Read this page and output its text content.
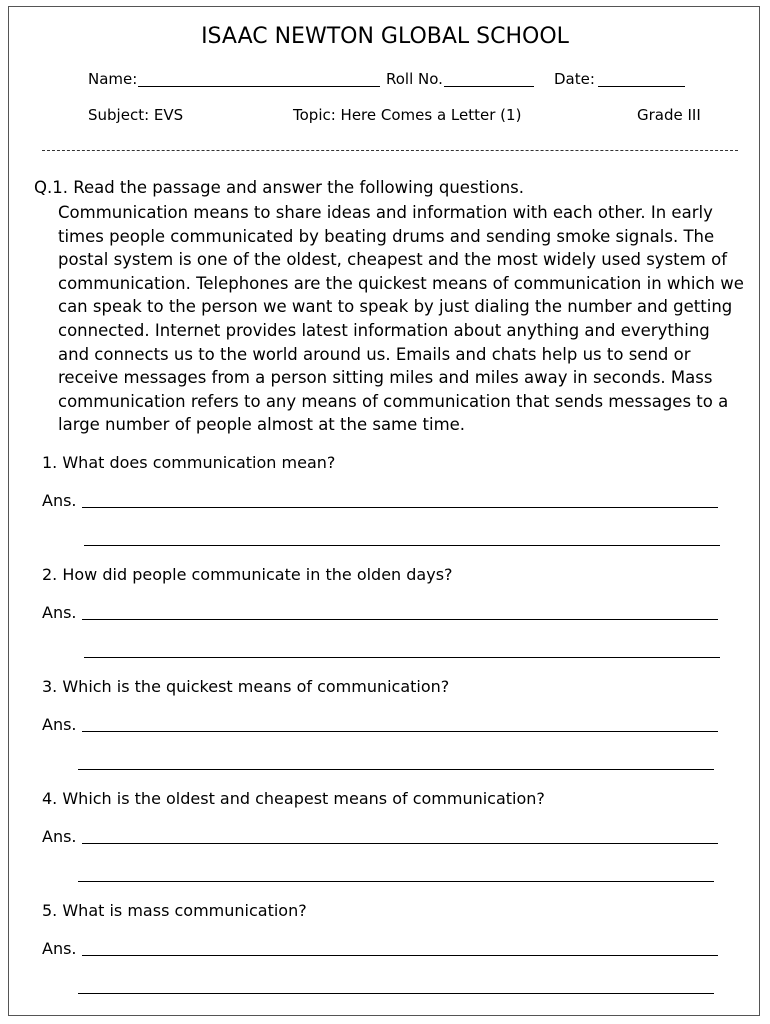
ISAAC NEWTON GLOBAL SCHOOL
Name:	Roll No.	Date:
Subject: EVS	Topic: Here Comes a Letter (1)	Grade III
Q.1. Read the passage and answer the following questions.
Communication means to share ideas and information with each other. In early
times people communicated by beating drums and sending smoke signals. The
postal system is one of the oldest, cheapest and the most widely used system of
communication. Telephones are the quickest means of communication in which we
can speak to the person we want to speak by just dialing the number and getting
connected. Internet provides latest information about anything and everything
and connects us to the world around us. Emails and chats help us to send or
receive messages from a person sitting miles and miles away in seconds. Mass
communication refers to any means of communication that sends messages to a
large number of people almost at the same time.
1. What does communication mean?
Ans.
2. How did people communicate in the olden days?
Ans.
3. Which is the quickest means of communication?
Ans.
4. Which is the oldest and cheapest means of communication?
Ans.
5. What is mass communication?
Ans.
